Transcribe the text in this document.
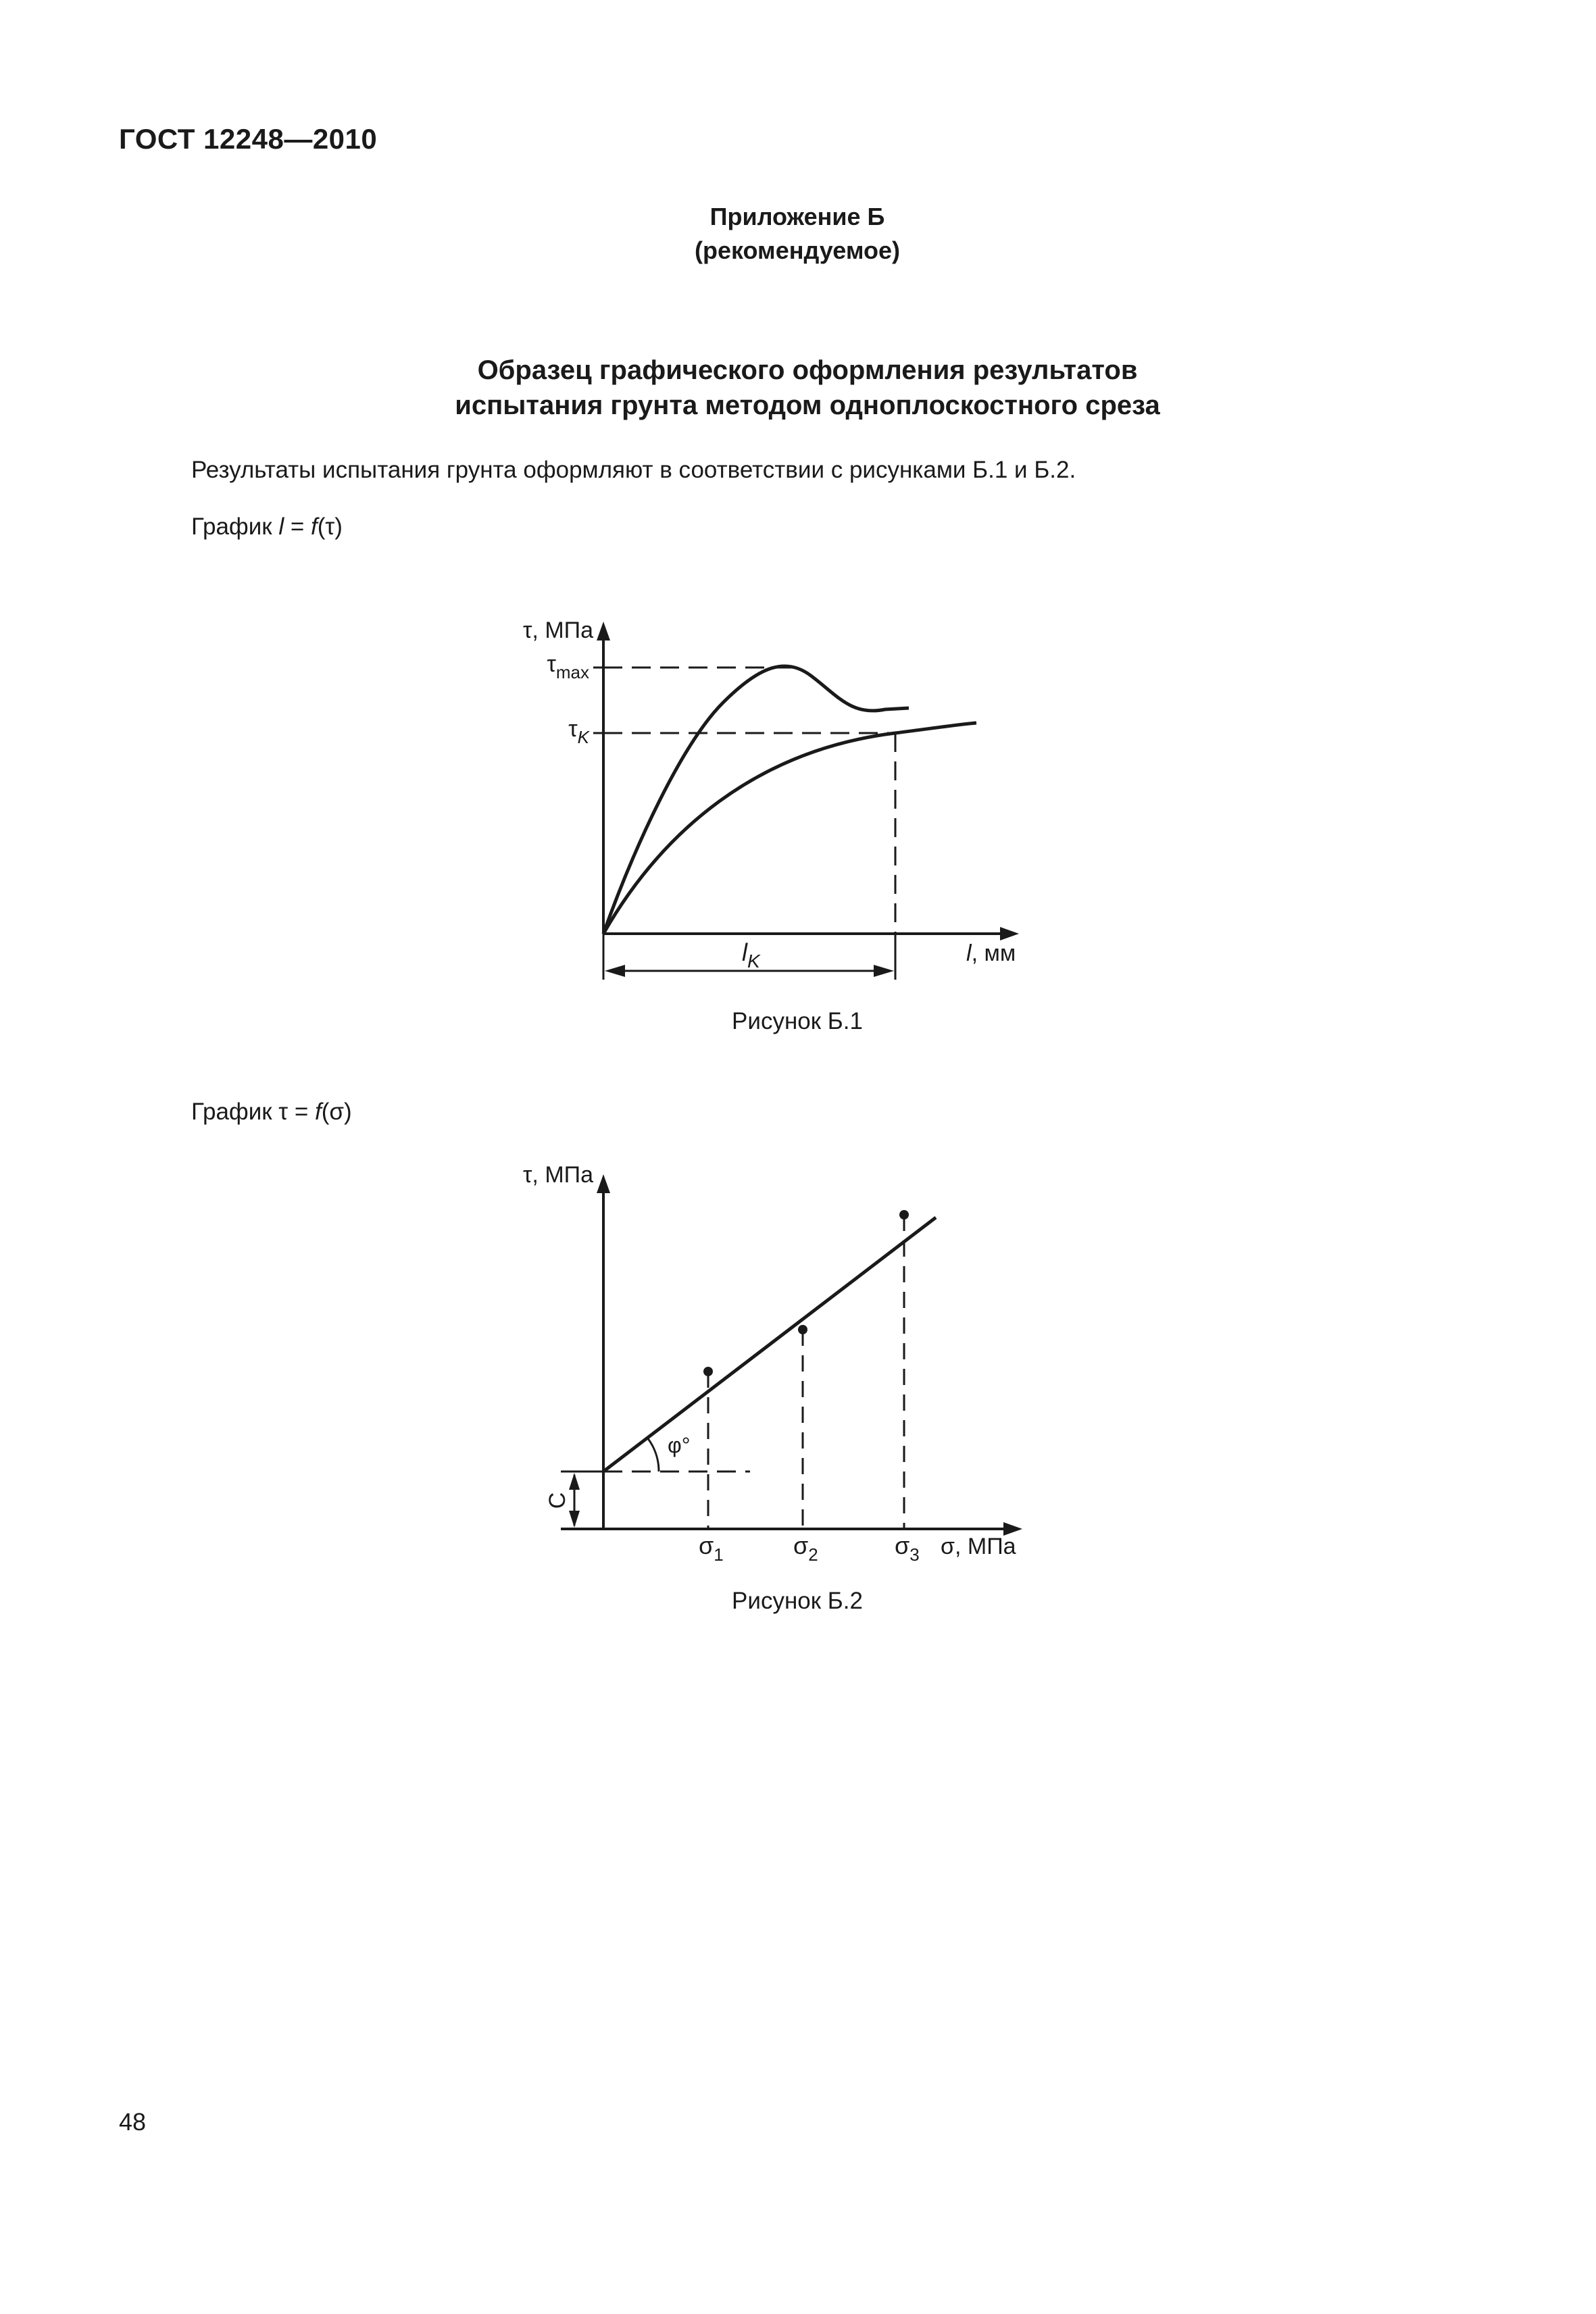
ГОСТ 12248—2010
Приложение Б
(рекомендуемое)
Образец графического оформления результатов
испытания грунта методом одноплоскостного среза
Результаты испытания грунта оформляют в соответствии с рисунками Б.1 и Б.2.
График l = f(τ)
τ, МПа
$\tau_{max}$
$\tau_K$
$l_K$	l, мм
Рисунок Б.1
График τ = f(σ)
τ, МПа
φ°
C
$\sigma_1$	$\sigma_2$	$\sigma_3$ σ, МПа
Рисунок Б.2
48
